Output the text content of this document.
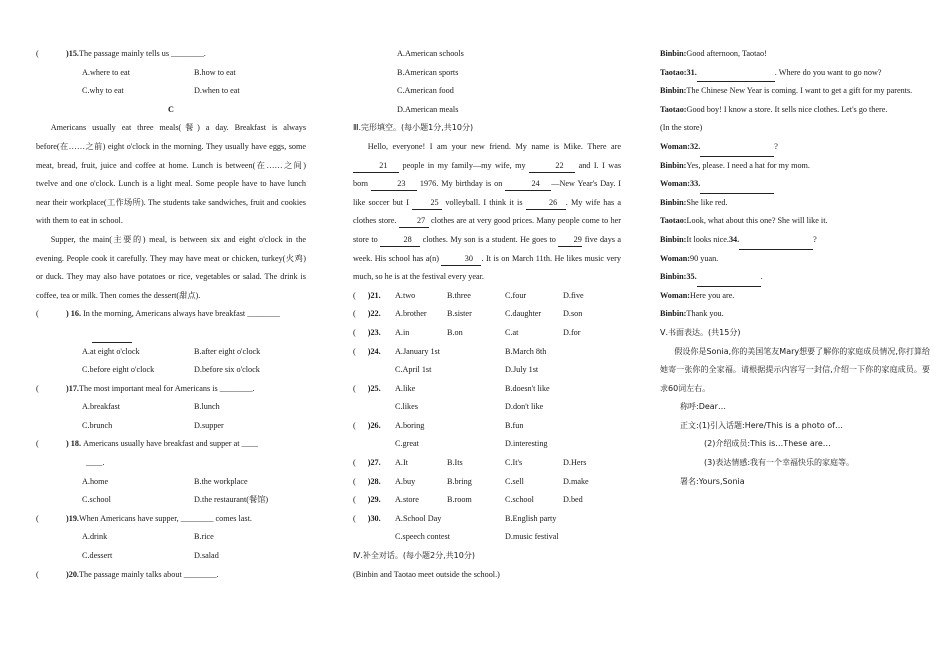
(	)15. The passage mainly tells us ________.
A.where to eat	B.how to eat
C.why to eat	D.when to eat
C

Americans usually eat three meals(餐) a day. Breakfast is always before(在……之前) eight o'clock in the morning. They usually have eggs, some meat, bread, fruit, juice and coffee at home. Lunch is between(在……之间) twelve and one o'clock. Lunch is a light meal. Some people have to have lunch near their workplace(工作场所). The students take sandwiches, fruit and cookies with them to eat in school.

Supper, the main(主要的) meal, is between six and eight o'clock in the evening. People cook it carefully. They may have meat or chicken, turkey(火鸡) or duck. They may also have potatoes or rice, vegetables or salad. The drink is coffee, tea or milk. Then comes the dessert(甜点).

(	) 16.
In the morning, Americans always have breakfast ________

A.at eight o'clock	B.after eight o'clock
C.before eight o'clock	D.before six o'clock
(	)17. The most important meal for Americans is ________.
A.breakfast	B.lunch
C.brunch	D.supper
(	) 18.
Americans usually have breakfast and supper at ____
____.
A.home	B.the workplace
C.school	D.the restaurant(餐馆)
(	)19. When Americans have supper, ________ comes last.
A.drink	B.rice
C.dessert	D.salad
(	)20. The passage mainly talks about ________.
A.American schools
B.American sports
C.American food
D.American meals
Ⅲ.完形填空。(每小题1分,共10分)

Hello, everyone! I am your new friend. My name is Mike. There are 21 people in my family—my wife, my	22 and I. I was born	23 1976. My birthday is on	24 —New Year's Day. I like soccer but I	25 volleyball. I think it is	26 . My wife has a clothes store.	27 clothes are at very good prices. Many people come to her store to	28 clothes. My son is a student. He goes to 29 five days a week. His school has a(n)	30 . It is on March 11th. He likes music very much, so he is at the festival every year.

( )21.	A.two	B.three	C.four	D.five
( )22.	A.brother	B.sister	C.daughter	D.son
( )23.	A.in	B.on	C.at	D.for
( )24.	A.January 1st	B.March 8th
C.April 1st	D.July 1st
( )25.	A.like	B.doesn't like
C.likes	D.don't like
( )26.	A.boring	B.fun
C.great	D.interesting
( )27.	A.It	B.Its	C.It's	D.Hers
( )28.	A.buy	B.bring	C.sell	D.make
( )29.	A.store	B.room	C.school	D.bed
( )30.	A.School Day	B.English party
C.speech contest	D.music festival
Ⅳ.补全对话。(每小题2分,共10分)
(Binbin and Taotao meet outside the school.)
Binbin: Good afternoon, Taotao!
Taotao: 31.	. Where do you want to go now?
Binbin: The Chinese New Year is coming. I want to get a gift for my parents.
Taotao: Good boy! I know a store. It sells nice clothes. Let's go there.
(In the store)
Woman: 32.	?
Binbin: Yes, please. I need a hat for my mom.
Woman: 33.
Binbin: She like red.
Taotao: Look, what about this one? She will like it.
Binbin: It looks nice. 34.	?
Woman: 90 yuan.
Binbin: 35.	.
Woman: Here you are.
Binbin: Thank you.
Ⅴ.书面表达。(共15分)

假设你是Sonia,你的美国笔友Mary想要了解你的家庭成员情况,你打算给她寄一张你的全家福。请根据提示内容写一封信,介绍一下你的家庭成员。要求60词左右。

称呼:Dear…
正文:(1)引入话题:Here/This is a photo of…
(2)介绍成员:This is…These are…
(3)表达情感:我有一个幸福快乐的家庭等。
署名:Yours,Sonia
